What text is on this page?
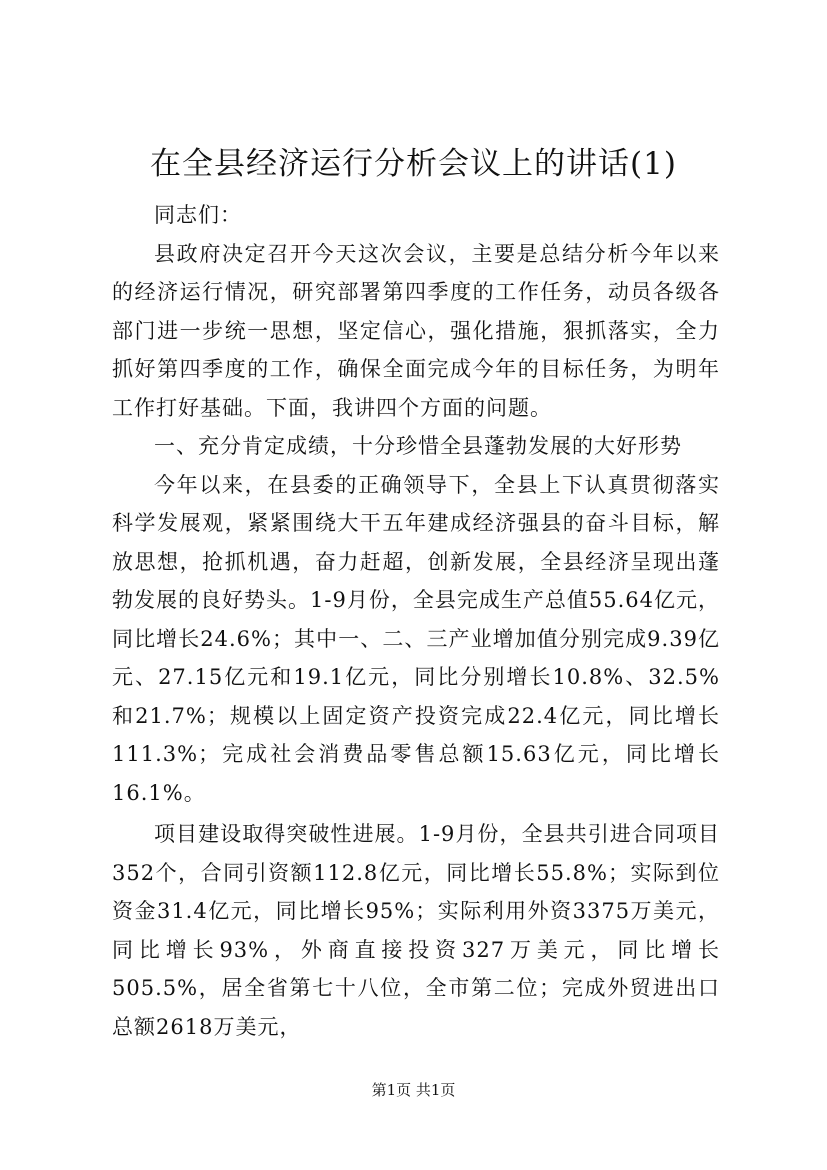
在全县经济运行分析会议上的讲话(1)

同志们：

县政府决定召开今天这次会议，主要是总结分析今年以来的经济运行情况，研究部署第四季度的工作任务，动员各级各部门进一步统一思想，坚定信心，强化措施，狠抓落实，全力抓好第四季度的工作，确保全面完成今年的目标任务，为明年工作打好基础。下面，我讲四个方面的问题。

一、充分肯定成绩，十分珍惜全县蓬勃发展的大好形势

今年以来，在县委的正确领导下，全县上下认真贯彻落实科学发展观，紧紧围绕大干五年建成经济强县的奋斗目标，解放思想，抢抓机遇，奋力赶超，创新发展，全县经济呈现出蓬勃发展的良好势头。1-9月份，全县完成生产总值55.64亿元，同比增长24.6%；其中一、二、三产业增加值分别完成9.39亿元、27.15亿元和19.1亿元，同比分别增长10.8%、32.5%和21.7%；规模以上固定资产投资完成22.4亿元，同比增长111.3%；完成社会消费品零售总额15.63亿元，同比增长16.1%。

项目建设取得突破性进展。1-9月份，全县共引进合同项目352个，合同引资额112.8亿元，同比增长55.8%；实际到位资金31.4亿元，同比增长95%；实际利用外资3375万美元，同比增长93%，外商直接投资327万美元，同比增长505.5%，居全省第七十八位，全市第二位；完成外贸进出口总额2618万美元，

第1页 共1页
